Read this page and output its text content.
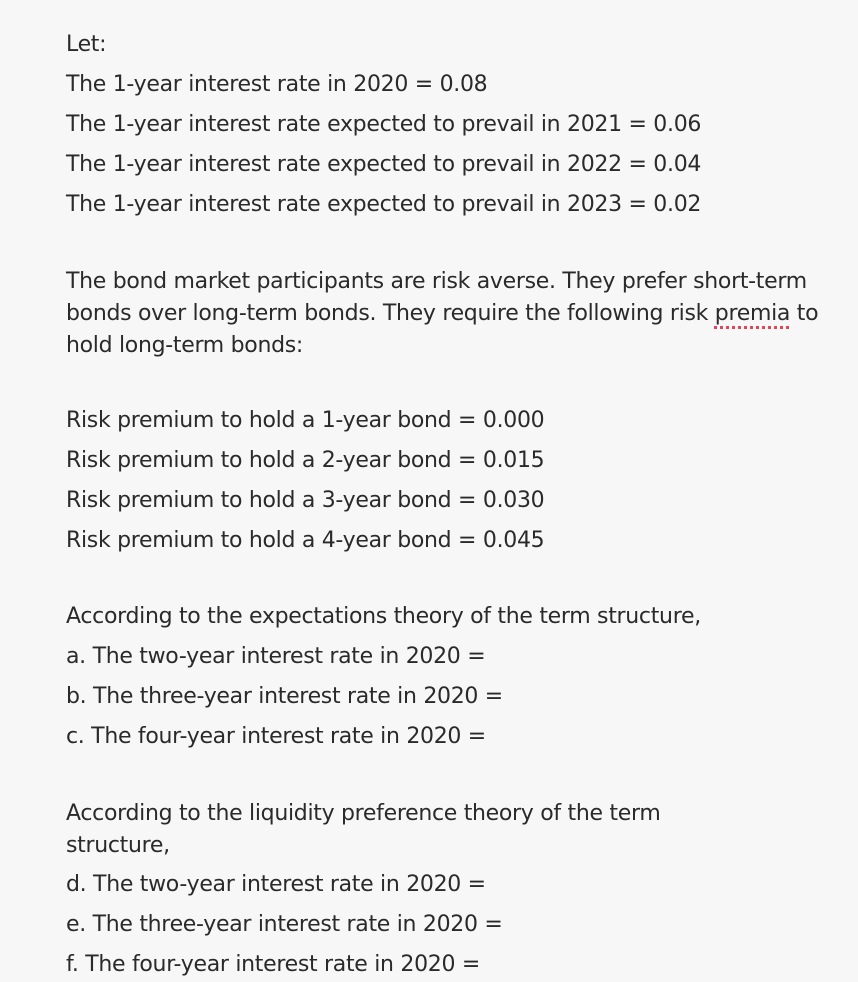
Let:
The 1-year interest rate in 2020 = 0.08
The 1-year interest rate expected to prevail in 2021 = 0.06
The 1-year interest rate expected to prevail in 2022 = 0.04
The 1-year interest rate expected to prevail in 2023 = 0.02
The bond market participants are risk averse. They prefer short-term bonds over long-term bonds. They require the following risk premia to hold long-term bonds:
Risk premium to hold a 1-year bond = 0.000
Risk premium to hold a 2-year bond = 0.015
Risk premium to hold a 3-year bond = 0.030
Risk premium to hold a 4-year bond = 0.045
According to the expectations theory of the term structure,
a. The two-year interest rate in 2020 =
b. The three-year interest rate in 2020 =
c. The four-year interest rate in 2020 =
According to the liquidity preference theory of the term structure,
d. The two-year interest rate in 2020 =
e. The three-year interest rate in 2020 =
f. The four-year interest rate in 2020 =
